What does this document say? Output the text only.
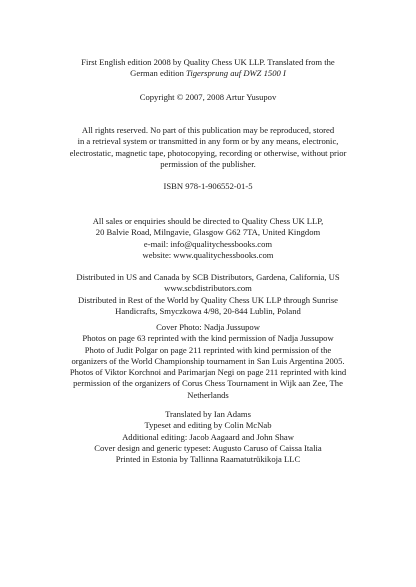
First English edition 2008 by Quality Chess UK LLP. Translated from the
German edition Tigersprung auf DWZ 1500 I
Copyright © 2007, 2008 Artur Yusupov
All rights reserved. No part of this publication may be reproduced, stored
in a retrieval system or transmitted in any form or by any means, electronic,
electrostatic, magnetic tape, photocopying, recording or otherwise, without prior
permission of the publisher.
ISBN 978-1-906552-01-5
All sales or enquiries should be directed to Quality Chess UK LLP,
20 Balvie Road, Milngavie, Glasgow G62 7TA, United Kingdom
e-mail: info@qualitychessbooks.com
website: www.qualitychessbooks.com
Distributed in US and Canada by SCB Distributors, Gardena, California, US
www.scbdistributors.com
Distributed in Rest of the World by Quality Chess UK LLP through Sunrise
Handicrafts, Smyczkowa 4/98, 20-844 Lublin, Poland
Cover Photo: Nadja Jussupow
Photos on page 63 reprinted with the kind permission of Nadja Jussupow
Photo of Judit Polgar on page 211 reprinted with kind permission of the
organizers of the World Championship tournament in San Luis Argentina 2005.
Photos of Viktor Korchnoi and Parimarjan Negi on page 211 reprinted with kind
permission of the organizers of Corus Chess Tournament in Wijk aan Zee, The
Netherlands
Translated by Ian Adams
Typeset and editing by Colin McNab
Additional editing: Jacob Aagaard and John Shaw
Cover design and generic typeset: Augusto Caruso of Caissa Italia
Printed in Estonia by Tallinna Raamatutrükikoja LLC
